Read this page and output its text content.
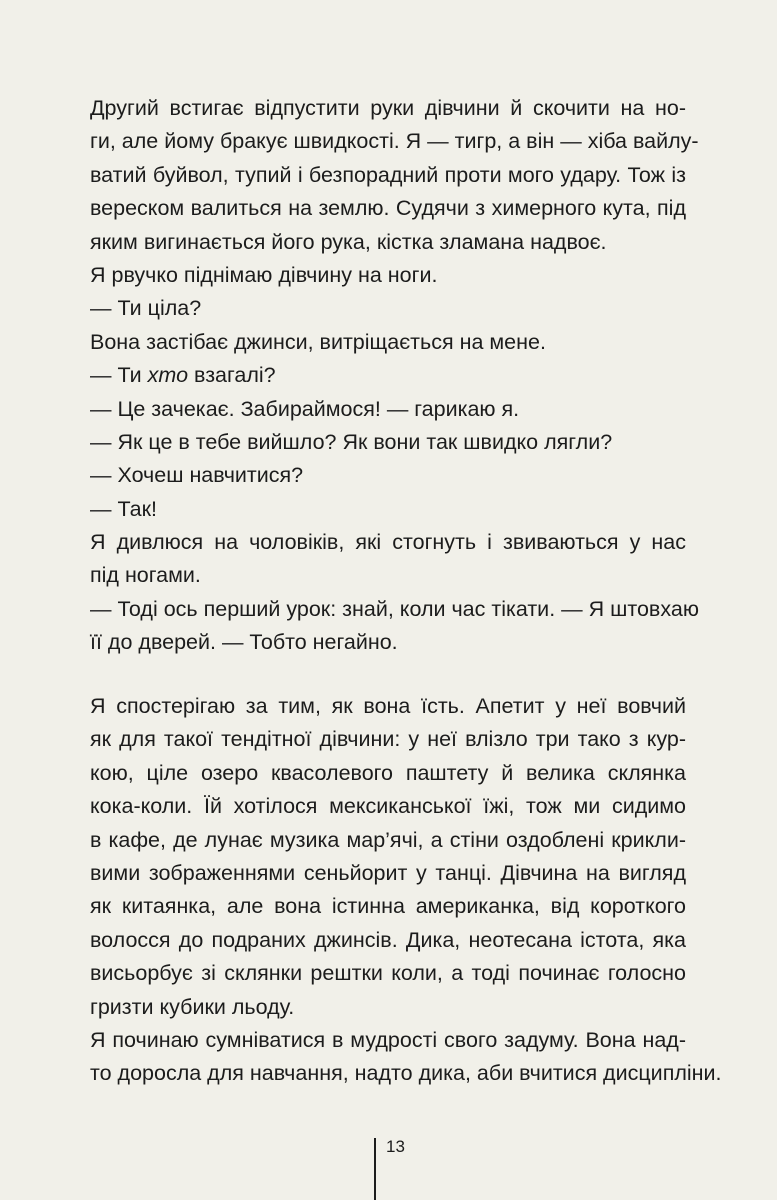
Другий встигає відпустити руки дівчини й скочити на но-
ги, але йому бракує швидкості. Я — тигр, а він — хіба вайлу-
ватий буйвол, тупий і безпорадний проти мого удару. Тож із
вереском валиться на землю. Судячи з химерного кута, під
яким вигинається його рука, кістка зламана надвоє.
Я рвучко піднімаю дівчину на ноги.
— Ти ціла?
Вона застібає джинси, витріщається на мене.
— Ти хто взагалі?
— Це зачекає. Забираймося! — гарикаю я.
— Як це в тебе вийшло? Як вони так швидко лягли?
— Хочеш навчитися?
— Так!
Я дивлюся на чоловіків, які стогнуть і звиваються у нас
під ногами.
— Тоді ось перший урок: знай, коли час тікати. — Я штовхаю
її до дверей. — Тобто негайно.
Я спостерігаю за тим, як вона їсть. Апетит у неї вовчий
як для такої тендітної дівчини: у неї влізло три тако з кур-
кою, ціле озеро квасолевого паштету й велика склянка
кока-коли. Їй хотілося мексиканської їжі, тож ми сидимо
в кафе, де лунає музика мар’ячі, а стіни оздоблені крикли-
вими зображеннями сеньйорит у танці. Дівчина на вигляд
як китаянка, але вона істинна американка, від короткого
волосся до подраних джинсів. Дика, неотесана істота, яка
висьорбує зі склянки рештки коли, а тоді починає голосно
гризти кубики льоду.
Я починаю сумніватися в мудрості свого задуму. Вона над-
то доросла для навчання, надто дика, аби вчитися дисципліни.
13
